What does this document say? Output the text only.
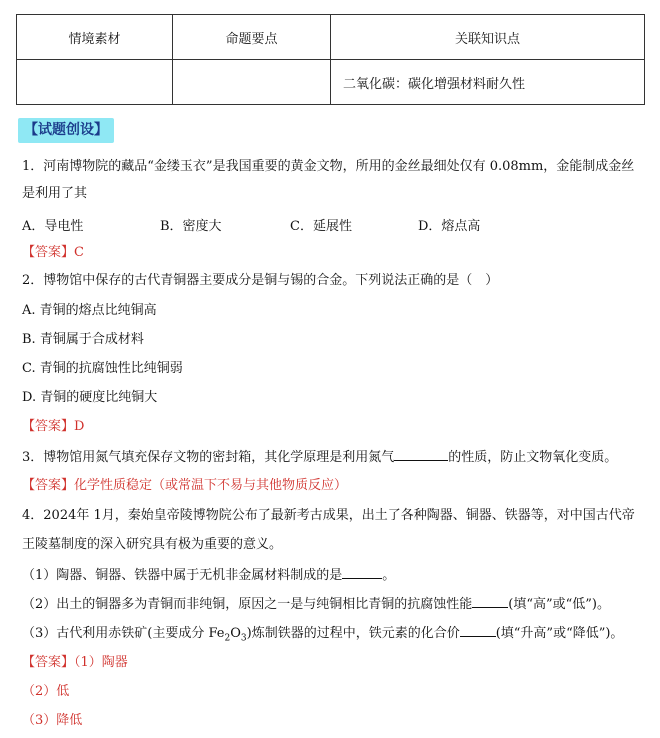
情境素材	命题要点	关联知识点
		二氧化碳：碳化增强材料耐久性
【试题创设】
1．河南博物院的藏品“金缕玉衣”是我国重要的黄金文物，所用的金丝最细处仅有 0.08mm，金能制成金丝
是利用了其
A．导电性	B．密度大	C．延展性	D．熔点高
【答案】C
2．博物馆中保存的古代青铜器主要成分是铜与锡的合金。下列说法正确的是（　）
A. 青铜的熔点比纯铜高
B. 青铜属于合成材料
C. 青铜的抗腐蚀性比纯铜弱
D. 青铜的硬度比纯铜大
【答案】D
3．博物馆用氮气填充保存文物的密封箱，其化学原理是利用氮气	的性质，防止文物氧化变质。
【答案】化学性质稳定（或常温下不易与其他物质反应）
4．2024年 1月，秦始皇帝陵博物院公布了最新考古成果，出土了各种陶器、铜器、铁器等，对中国古代帝
王陵墓制度的深入研究具有极为重要的意义。
（1）陶器、铜器、铁器中属于无机非金属材料制成的是	。
（2）出土的铜器多为青铜而非纯铜，原因之一是与纯铜相比青铜的抗腐蚀性能	(填“高”或“低”)。
（3）古代利用赤铁矿(主要成分 $Fe_2O_3$)炼制铁器的过程中，铁元素的化合价	(填“升高”或“降低”)。
【答案】（1）陶器
（2）低
（3）降低
